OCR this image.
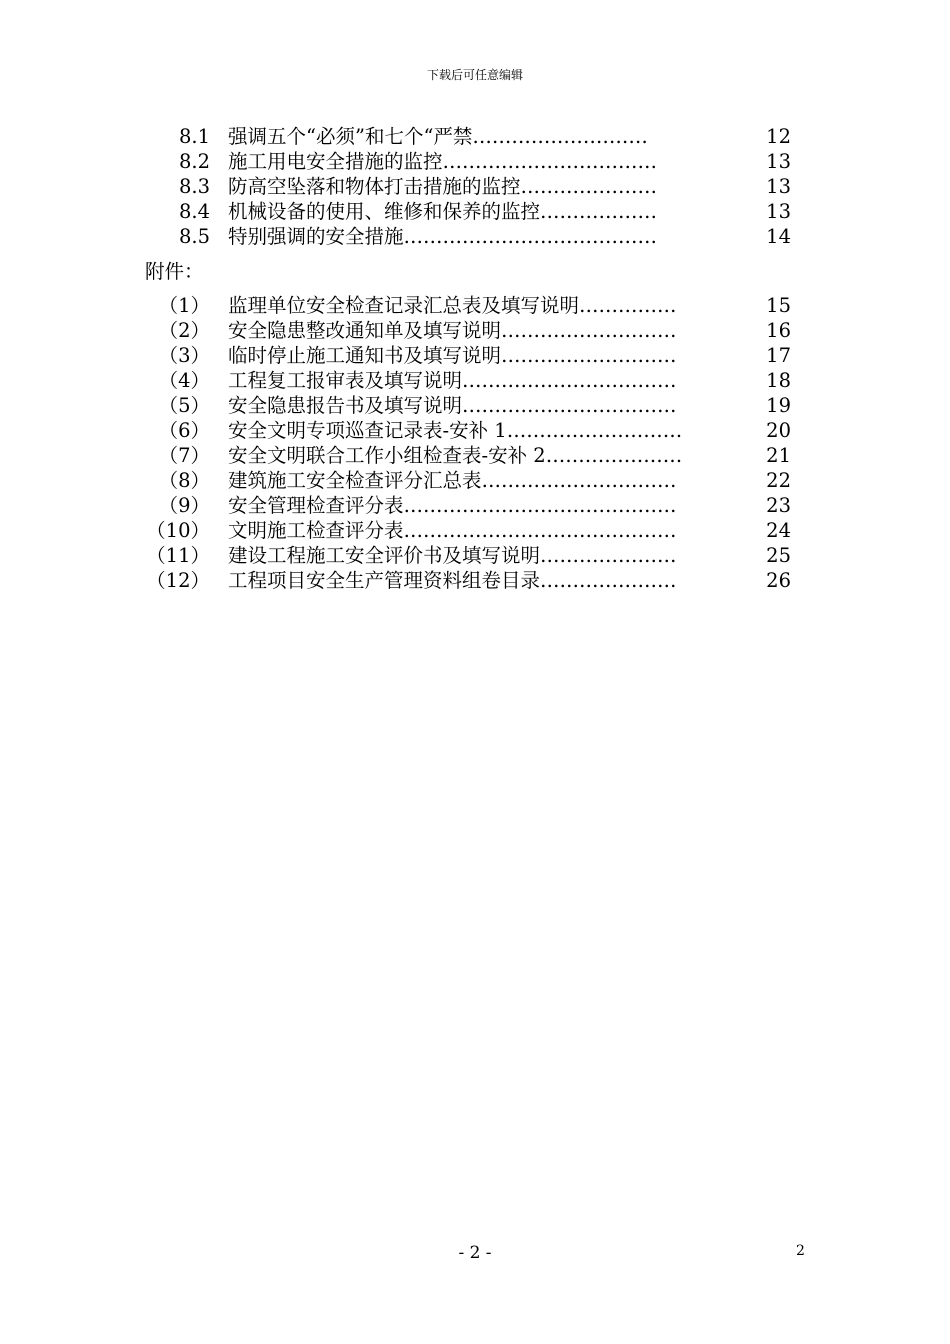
下载后可任意编辑
8.1 强调五个“必须”和七个“严禁………………………	12
8.2 施工用电安全措施的监控……………………………	13
8.3 防高空坠落和物体打击措施的监控…………………	13
8.4 机械设备的使用、维修和保养的监控………………	13
8.5 特别强调的安全措施…………………………………	14
附件：
（1） 监理单位安全检查记录汇总表及填写说明……………	15
（2） 安全隐患整改通知单及填写说明………………………	16
（3） 临时停止施工通知书及填写说明………………………	17
（4） 工程复工报审表及填写说明……………………………	18
（5） 安全隐患报告书及填写说明……………………………	19
（6） 安全文明专项巡查记录表-安补 1………………………	20
（7） 安全文明联合工作小组检查表-安补 2…………………	21
（8） 建筑施工安全检查评分汇总表…………………………	22
（9） 安全管理检查评分表……………………………………	23
（10） 文明施工检查评分表……………………………………	24
（11） 建设工程施工安全评价书及填写说明…………………	25
（12） 工程项目安全生产管理资料组卷目录…………………	26
- 2 -	2
